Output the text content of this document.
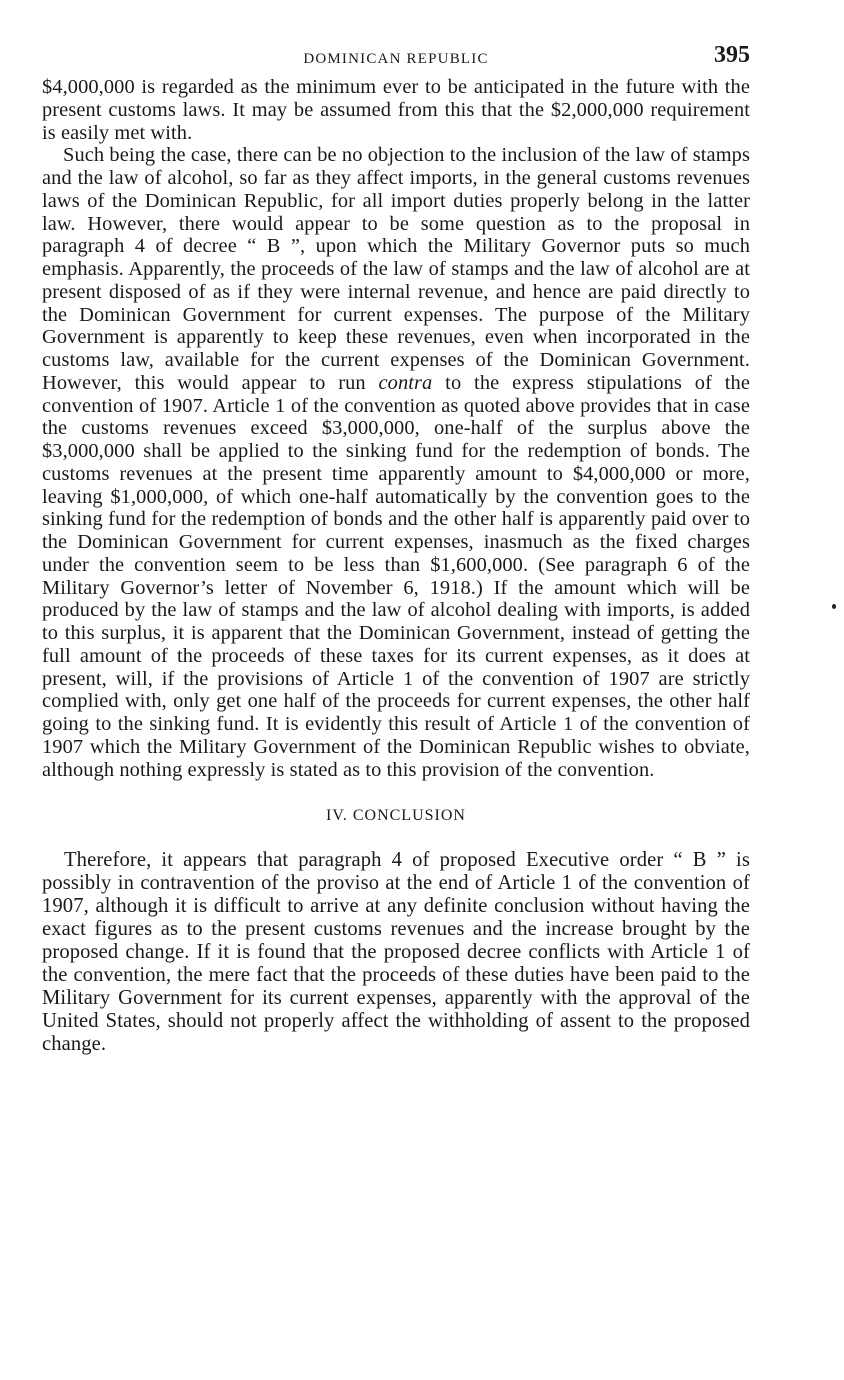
DOMINICAN REPUBLIC	395

$4,000,000 is regarded as the minimum ever to be anticipated in the future with the present customs laws. It may be assumed from this that the $2,000,000 requirement is easily met with.

Such being the case, there can be no objection to the inclusion of the law of stamps and the law of alcohol, so far as they affect imports, in the general customs revenues laws of the Dominican Republic, for all import duties properly belong in the latter law. However, there would appear to be some question as to the proposal in paragraph 4 of decree “ B ”, upon which the Military Governor puts so much emphasis. Apparently, the proceeds of the law of stamps and the law of alcohol are at present disposed of as if they were internal revenue, and hence are paid directly to the Dominican Government for current expenses. The purpose of the Military Government is apparently to keep these revenues, even when incorporated in the customs law, available for the current expenses of the Dominican Government. However, this would appear to run contra to the express stipulations of the convention of 1907. Article 1 of the convention as quoted above provides that in case the customs revenues exceed $3,000,000, one-half of the surplus above the $3,000,000 shall be applied to the sinking fund for the redemption of bonds. The customs revenues at the present time apparently amount to $4,000,000 or more, leaving $1,000,000, of which one-half automatically by the convention goes to the sinking fund for the redemption of bonds and the other half is apparently paid over to the Dominican Government for current expenses, inasmuch as the fixed charges under the convention seem to be less than $1,600,000. (See paragraph 6 of the Military Governor’s letter of November 6, 1918.) If the amount which will be produced by the law of stamps and the law of alcohol dealing with imports, is added to this surplus, it is apparent that the Dominican Government, instead of getting the full amount of the proceeds of these taxes for its current expenses, as it does at present, will, if the provisions of Article 1 of the convention of 1907 are strictly complied with, only get one half of the proceeds for current expenses, the other half going to the sinking fund. It is evidently this result of Article 1 of the convention of 1907 which the Military Government of the Dominican Republic wishes to obviate, although nothing expressly is stated as to this provision of the convention.

IV. CONCLUSION

Therefore, it appears that paragraph 4 of proposed Executive order “ B ” is possibly in contravention of the proviso at the end of Article 1 of the convention of 1907, although it is difficult to arrive at any definite conclusion without having the exact figures as to the present customs revenues and the increase brought by the proposed change. If it is found that the proposed decree conflicts with Article 1 of the convention, the mere fact that the proceeds of these duties have been paid to the Military Government for its current expenses, apparently with the approval of the United States, should not properly affect the withholding of assent to the proposed change.
